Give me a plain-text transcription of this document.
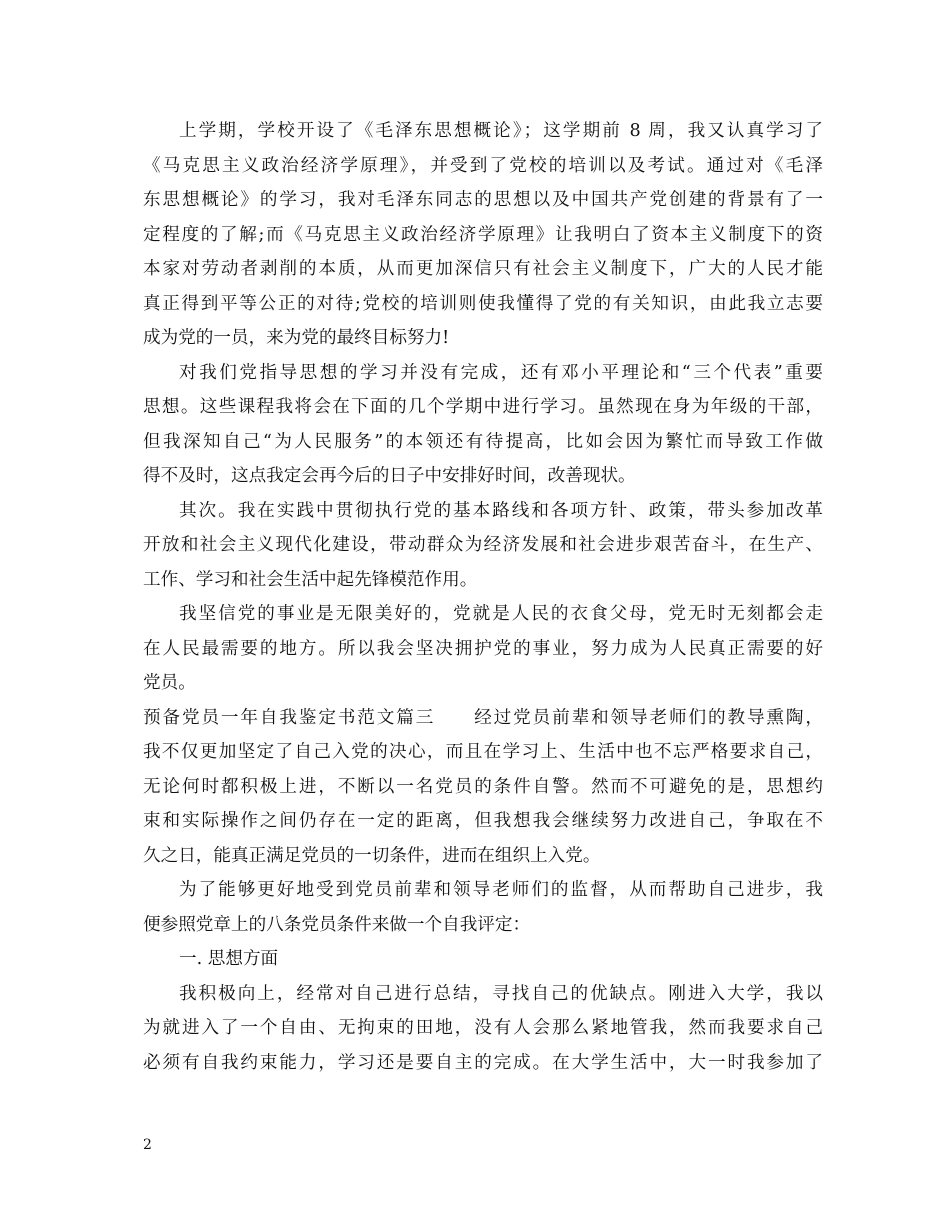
上学期，学校开设了《毛泽东思想概论》；这学期前 8 周，我又认真学习了
《马克思主义政治经济学原理》，并受到了党校的培训以及考试。通过对《毛泽
东思想概论》的学习，我对毛泽东同志的思想以及中国共产党创建的背景有了一
定程度的了解;而《马克思主义政治经济学原理》让我明白了资本主义制度下的资
本家对劳动者剥削的本质，从而更加深信只有社会主义制度下，广大的人民才能
真正得到平等公正的对待;党校的培训则使我懂得了党的有关知识，由此我立志要
成为党的一员，来为党的最终目标努力!
对我们党指导思想的学习并没有完成，还有邓小平理论和“三个代表”重要
思想。这些课程我将会在下面的几个学期中进行学习。虽然现在身为年级的干部，
但我深知自己“为人民服务”的本领还有待提高，比如会因为繁忙而导致工作做
得不及时，这点我定会再今后的日子中安排好时间，改善现状。
其次。我在实践中贯彻执行党的基本路线和各项方针、政策，带头参加改革
开放和社会主义现代化建设，带动群众为经济发展和社会进步艰苦奋斗，在生产、
工作、学习和社会生活中起先锋模范作用。
我坚信党的事业是无限美好的，党就是人民的衣食父母，党无时无刻都会走
在人民最需要的地方。所以我会坚决拥护党的事业，努力成为人民真正需要的好
党员。
预备党员一年自我鉴定书范文篇三　　经过党员前辈和领导老师们的教导熏陶，
我不仅更加坚定了自己入党的决心，而且在学习上、生活中也不忘严格要求自己，
无论何时都积极上进，不断以一名党员的条件自警。然而不可避免的是，思想约
束和实际操作之间仍存在一定的距离，但我想我会继续努力改进自己，争取在不
久之日，能真正满足党员的一切条件，进而在组织上入党。
为了能够更好地受到党员前辈和领导老师们的监督，从而帮助自己进步，我
便参照党章上的八条党员条件来做一个自我评定：
一. 思想方面
我积极向上，经常对自己进行总结，寻找自己的优缺点。刚进入大学，我以
为就进入了一个自由、无拘束的田地，没有人会那么紧地管我，然而我要求自己
必须有自我约束能力，学习还是要自主的完成。在大学生活中，大一时我参加了
2
